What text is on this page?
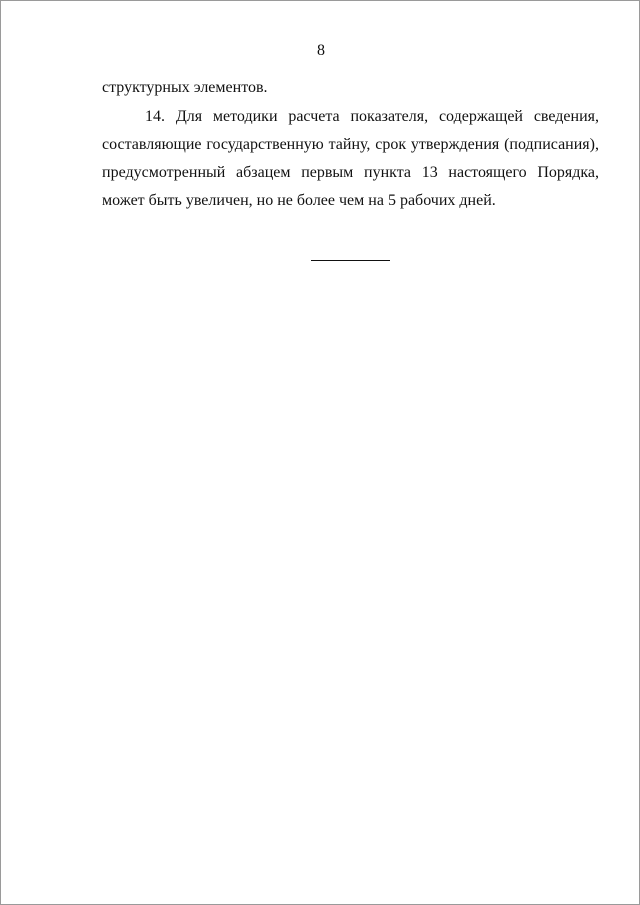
8
структурных элементов.

14. Для методики расчета показателя, содержащей сведения, составляющие государственную тайну, срок утверждения (подписания), предусмотренный абзацем первым пункта 13 настоящего Порядка, может быть увеличен, но не более чем на 5 рабочих дней.
